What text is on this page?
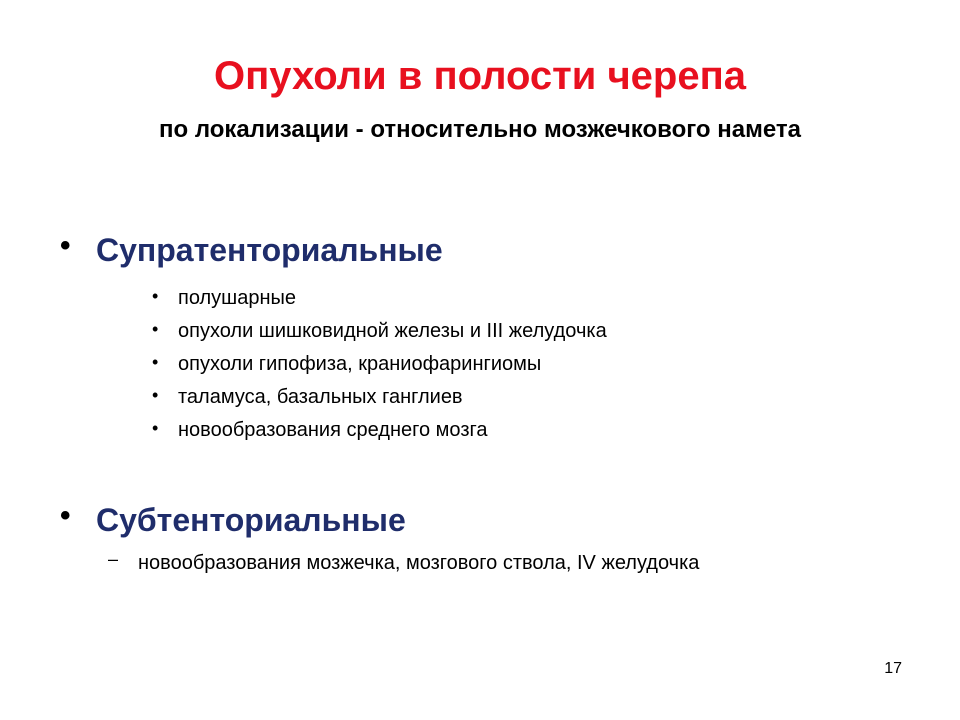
Опухоли в полости черепа
по локализации - относительно мозжечкового намета
• Супратенториальные
• полушарные
• опухоли шишковидной железы и III желудочка
• опухоли гипофиза, краниофарингиомы
• таламуса, базальных ганглиев
• новообразования среднего мозга
• Субтенториальные
– новообразования мозжечка, мозгового ствола, IV желудочка
17
